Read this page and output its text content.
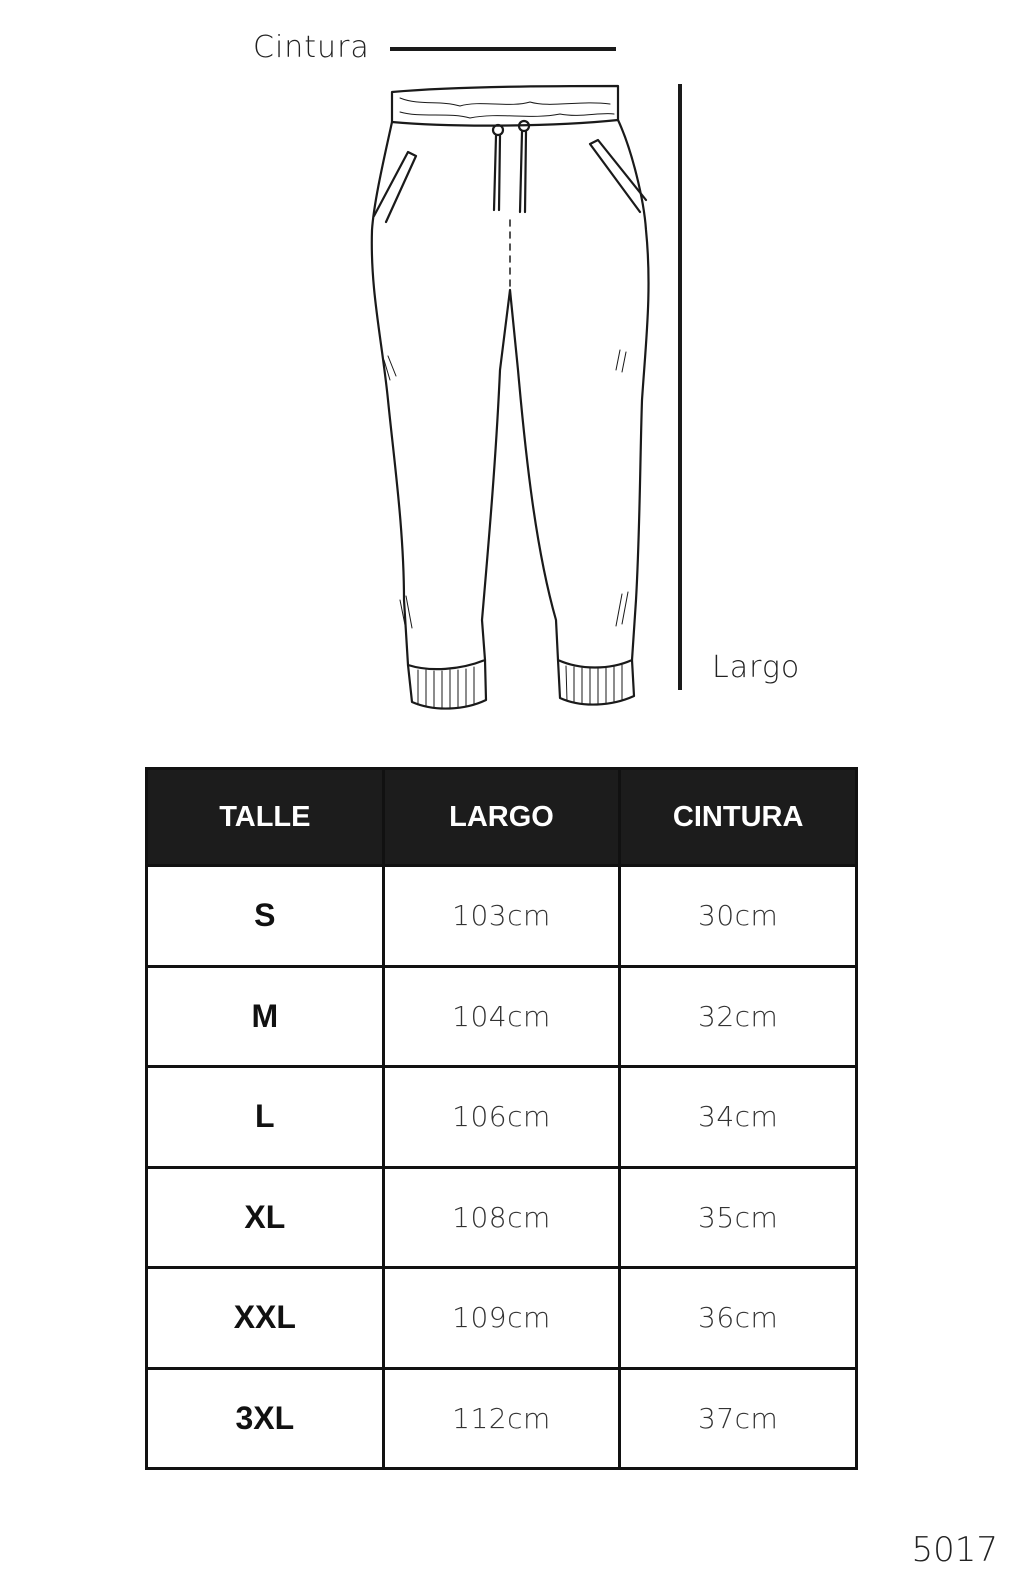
Cintura
Largo
TALLE	LARGO	CINTURA
S	103cm	30cm
M	104cm	32cm
L	106cm	34cm
XL	108cm	35cm
XXL	109cm	36cm
3XL	112cm	37cm
5017
